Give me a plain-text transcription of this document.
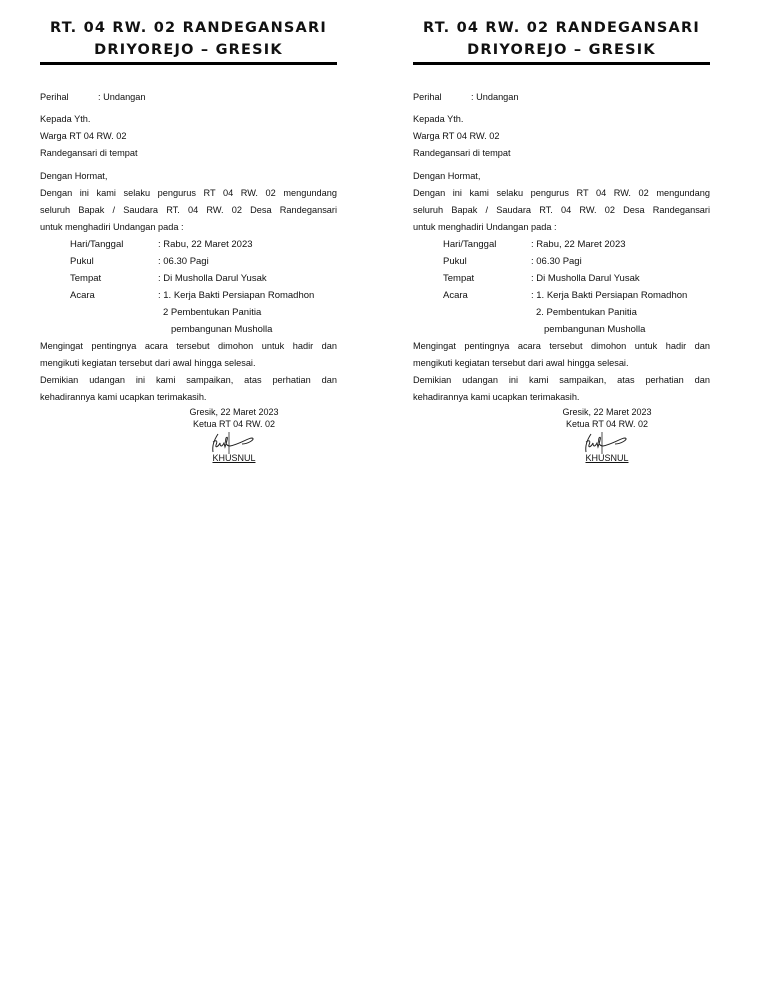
RT. 04 RW. 02 RANDEGANSARI
DRIYOREJO – GRESIK
Perihal	: Undangan
Kepada Yth.
Warga RT 04 RW. 02
Randegansari di tempat
Dengan Hormat,
Dengan ini kami selaku pengurus RT 04 RW. 02 mengundang
seluruh Bapak / Saudara RT. 04 RW. 02 Desa Randegansari
untuk menghadiri Undangan pada :
Hari/Tanggal	: Rabu, 22 Maret 2023
Pukul	: 06.30 Pagi
Tempat	: Di Musholla Darul Yusak
Acara	: 1. Kerja Bakti Persiapan Romadhon
2 Pembentukan Panitia
pembangunan Musholla
Mengingat pentingnya acara tersebut dimohon untuk hadir dan
mengikuti kegiatan tersebut dari awal hingga selesai.
Demikian udangan ini kami sampaikan, atas perhatian dan
kehadirannya kami ucapkan terimakasih.
Gresik, 22 Maret 2023
Ketua RT 04 RW. 02
KHUSNUL
RT. 04 RW. 02 RANDEGANSARI
DRIYOREJO – GRESIK
Perihal	: Undangan
Kepada Yth.
Warga RT 04 RW. 02
Randegansari di tempat
Dengan Hormat,
Dengan ini kami selaku pengurus RT 04 RW. 02 mengundang
seluruh Bapak / Saudara RT. 04 RW. 02 Desa Randegansari
untuk menghadiri Undangan pada :
Hari/Tanggal	: Rabu, 22 Maret 2023
Pukul	: 06.30 Pagi
Tempat	: Di Musholla Darul Yusak
Acara	: 1. Kerja Bakti Persiapan Romadhon
2. Pembentukan Panitia
pembangunan Musholla
Mengingat pentingnya acara tersebut dimohon untuk hadir dan
mengikuti kegiatan tersebut dari awal hingga selesai.
Demikian udangan ini kami sampaikan, atas perhatian dan
kehadirannya kami ucapkan terimakasih.
Gresik, 22 Maret 2023
Ketua RT 04 RW. 02
KHUSNUL
